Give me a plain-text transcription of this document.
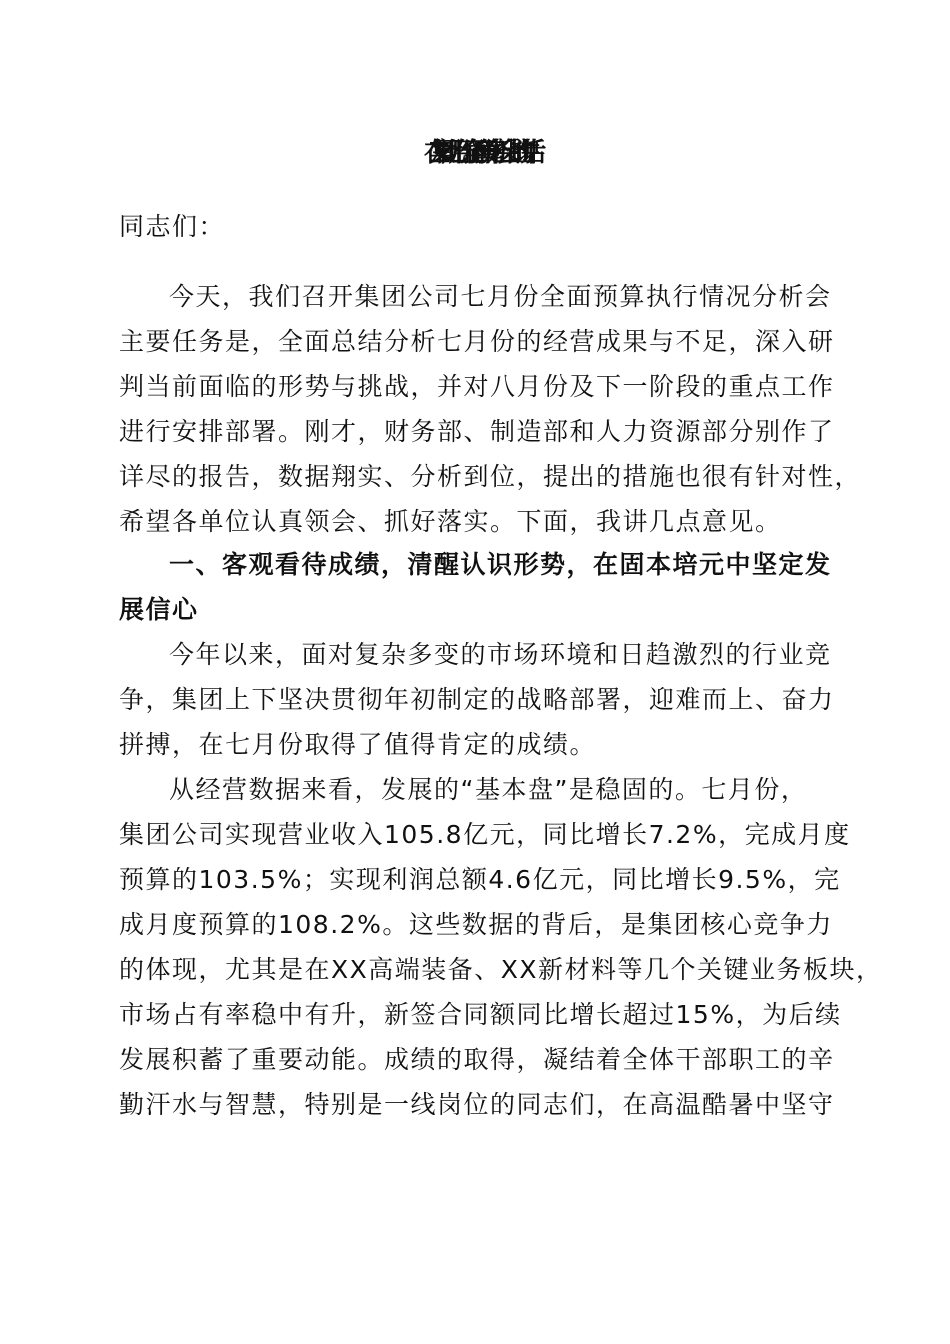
在XX集团七月份全面预算分析会上的讲话
同志们：
今天，我们召开集团公司七月份全面预算执行情况分析会
主要任务是，全面总结分析七月份的经营成果与不足，深入研
判当前面临的形势与挑战，并对八月份及下一阶段的重点工作
进行安排部署。刚才，财务部、制造部和人力资源部分别作了
详尽的报告，数据翔实、分析到位，提出的措施也很有针对性，
希望各单位认真领会、抓好落实。下面，我讲几点意见。
一、客观看待成绩，清醒认识形势，在固本培元中坚定发
展信心
今年以来，面对复杂多变的市场环境和日趋激烈的行业竞
争，集团上下坚决贯彻年初制定的战略部署，迎难而上、奋力
拼搏，在七月份取得了值得肯定的成绩。
从经营数据来看，发展的“基本盘”是稳固的。七月份，
集团公司实现营业收入105.8亿元，同比增长7.2%，完成月度
预算的103.5%；实现利润总额4.6亿元，同比增长9.5%，完
成月度预算的108.2%。这些数据的背后，是集团核心竞争力
的体现，尤其是在XX高端装备、XX新材料等几个关键业务板块，
市场占有率稳中有升，新签合同额同比增长超过15%，为后续
发展积蓄了重要动能。成绩的取得，凝结着全体干部职工的辛
勤汗水与智慧，特别是一线岗位的同志们，在高温酷暑中坚守
